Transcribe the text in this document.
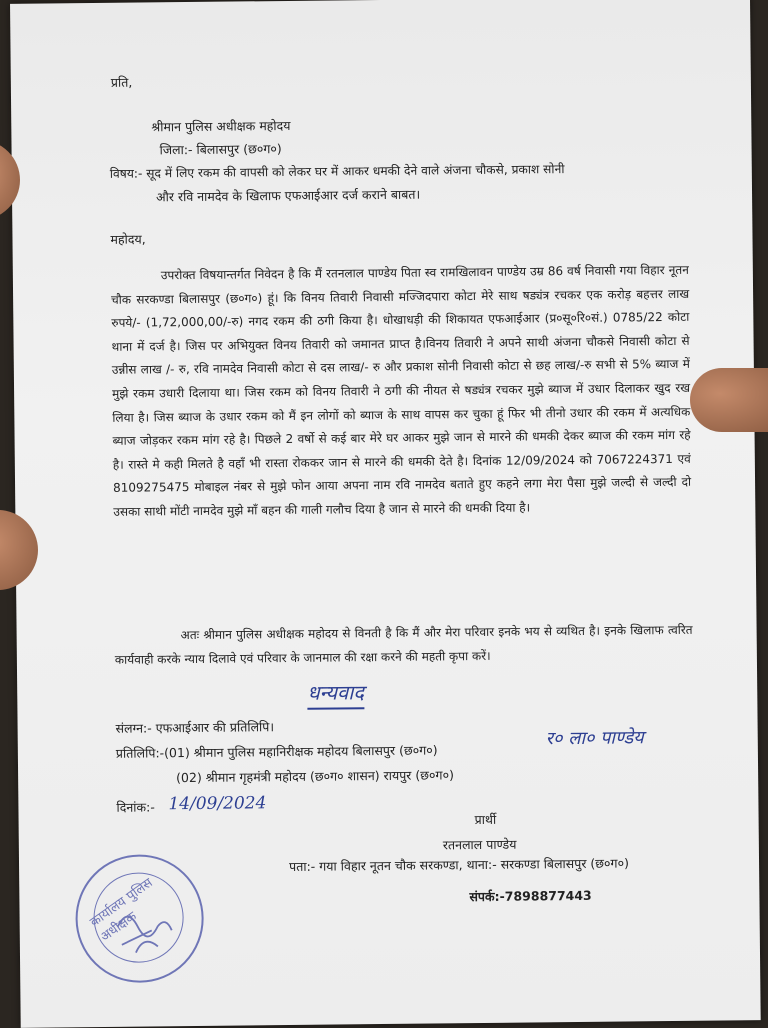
प्रति,
श्रीमान पुलिस अधीक्षक महोदय
जिला:- बिलासपुर (छ०ग०)
विषय:- सूद में लिए रकम की वापसी को लेकर घर में आकर धमकी देने वाले अंजना चौकसे, प्रकाश सोनी
और रवि नामदेव के खिलाफ एफआईआर दर्ज कराने बाबत।
महोदय,
उपरोक्त विषयान्तर्गत निवेदन है कि मैं रतनलाल पाण्डेय पिता स्व रामखिलावन पाण्डेय उम्र 86 वर्ष निवासी गया विहार नूतन चौक सरकण्डा बिलासपुर (छ०ग०) हूं। कि विनय तिवारी निवासी मज्जिदपारा कोटा मेरे साथ षड्यंत्र रचकर एक करोड़ बहत्तर लाख रुपये/- (1,72,000,00/-रु) नगद रकम की ठगी किया है। धोखाधड़ी की शिकायत एफआईआर (प्र०सू०रि०सं.) 0785/22 कोटा थाना में दर्ज है। जिस पर अभियुक्त विनय तिवारी को जमानत प्राप्त है।विनय तिवारी ने अपने साथी अंजना चौकसे निवासी कोटा से उन्नीस लाख /- रु, रवि नामदेव निवासी कोटा से दस लाख/- रु और प्रकाश सोनी निवासी कोटा से छह लाख/-रु सभी से 5% ब्याज में मुझे रकम उधारी दिलाया था। जिस रकम को विनय तिवारी ने ठगी की नीयत से षड्यंत्र रचकर मुझे ब्याज में उधार दिलाकर खुद रख लिया है। जिस ब्याज के उधार रकम को मैं इन लोगों को ब्याज के साथ वापस कर चुका हूं फिर भी तीनो उधार की रकम में अत्यधिक ब्याज जोड़कर रकम मांग रहे है। पिछले 2 वर्षो से कई बार मेरे घर आकर मुझे जान से मारने की धमकी देकर ब्याज की रकम मांग रहे है। रास्ते मे कही मिलते है वहाँ भी रास्ता रोककर जान से मारने की धमकी देते है। दिनांक 12/09/2024 को 7067224371 एवं 8109275475 मोबाइल नंबर से मुझे फोन आया अपना नाम रवि नामदेव बताते हुए कहने लगा मेरा पैसा मुझे जल्दी से जल्दी दो उसका साथी मोंटी नामदेव मुझे माँ बहन की गाली गलौच दिया है जान से मारने की धमकी दिया है।
अतः श्रीमान पुलिस अधीक्षक महोदय से विनती है कि मैं और मेरा परिवार इनके भय से व्यथित है। इनके खिलाफ त्वरित कार्यवाही करके न्याय दिलावे एवं परिवार के जानमाल की रक्षा करने की महती कृपा करें।
धन्यवाद
संलग्न:- एफआईआर की प्रतिलिपि।
प्रतिलिपि:-(01) श्रीमान पुलिस महानिरीक्षक महोदय बिलासपुर (छ०ग०)
(02) श्रीमान गृहमंत्री महोदय (छ०ग० शासन) रायपुर (छ०ग०)
र० ला० पाण्डेय
दिनांक:- 14/09/2024
प्रार्थी
रतनलाल पाण्डेय
पता:- गया विहार नूतन चौक सरकण्डा, थाना:- सरकण्डा बिलासपुर (छ०ग०)
संपर्क:-7898877443
कार्यालय पुलिस अधीक्षक
